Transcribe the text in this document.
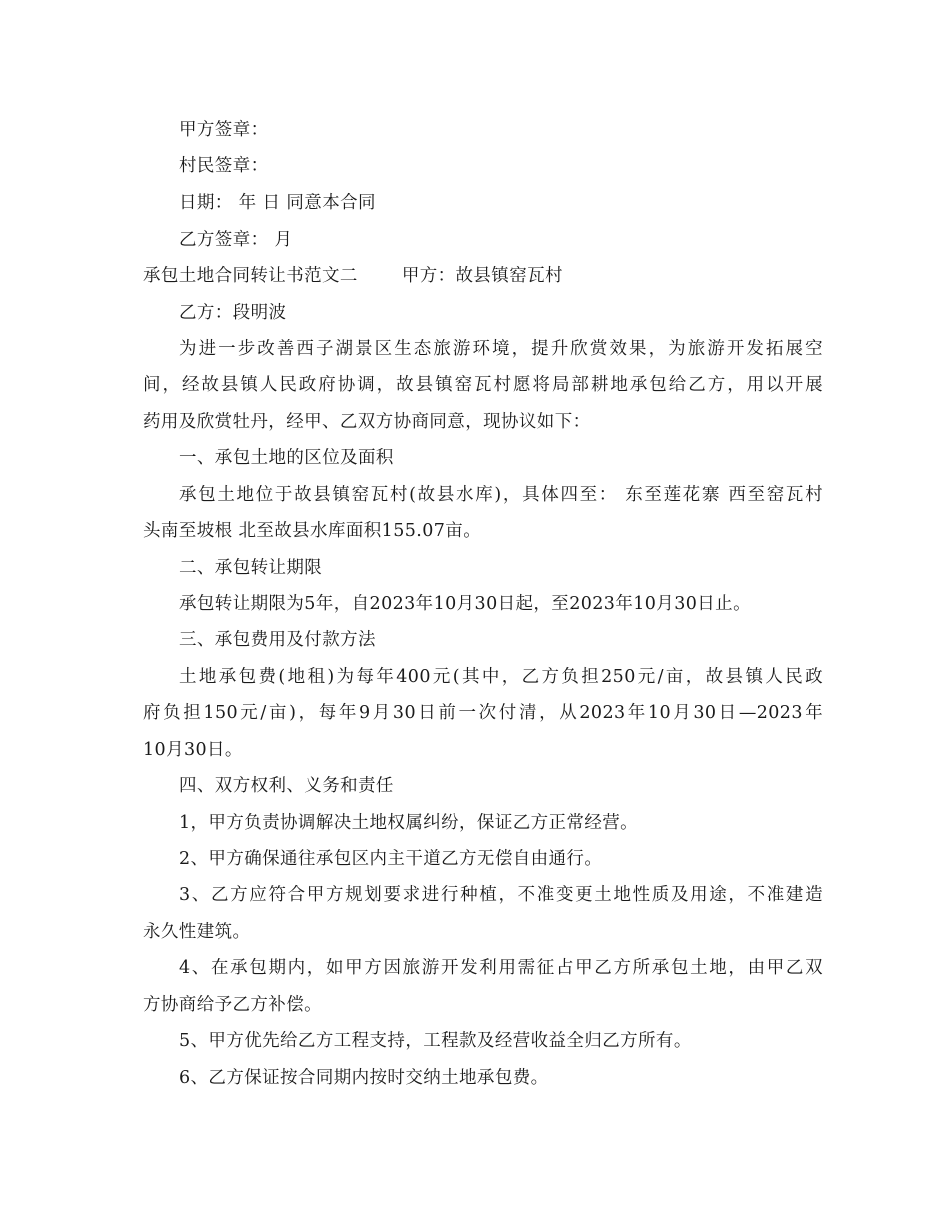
甲方签章：
村民签章：
日期： 年 日 同意本合同
乙方签章： 月
承包土地合同转让书范文二	甲方：故县镇窑瓦村
乙方：段明波
为进一步改善西子湖景区生态旅游环境，提升欣赏效果，为旅游开发拓展空
间，经故县镇人民政府协调，故县镇窑瓦村愿将局部耕地承包给乙方，用以开展
药用及欣赏牡丹，经甲、乙双方协商同意，现协议如下：
一、承包土地的区位及面积
承包土地位于故县镇窑瓦村(故县水库)，具体四至： 东至莲花寨 西至窑瓦村
头南至坡根 北至故县水库面积155.07亩。
二、承包转让期限
承包转让期限为5年，自2023年10月30日起，至2023年10月30日止。
三、承包费用及付款方法
土地承包费(地租)为每年400元(其中，乙方负担250元/亩，故县镇人民政
府负担150元/亩)，每年9月30日前一次付清，从2023年10月30日—2023年
10月30日。
四、双方权利、义务和责任
1，甲方负责协调解决土地权属纠纷，保证乙方正常经营。
2、甲方确保通往承包区内主干道乙方无偿自由通行。
3、乙方应符合甲方规划要求进行种植，不准变更土地性质及用途，不准建造
永久性建筑。
4、在承包期内，如甲方因旅游开发利用需征占甲乙方所承包土地，由甲乙双
方协商给予乙方补偿。
5、甲方优先给乙方工程支持，工程款及经营收益全归乙方所有。
6、乙方保证按合同期内按时交纳土地承包费。
